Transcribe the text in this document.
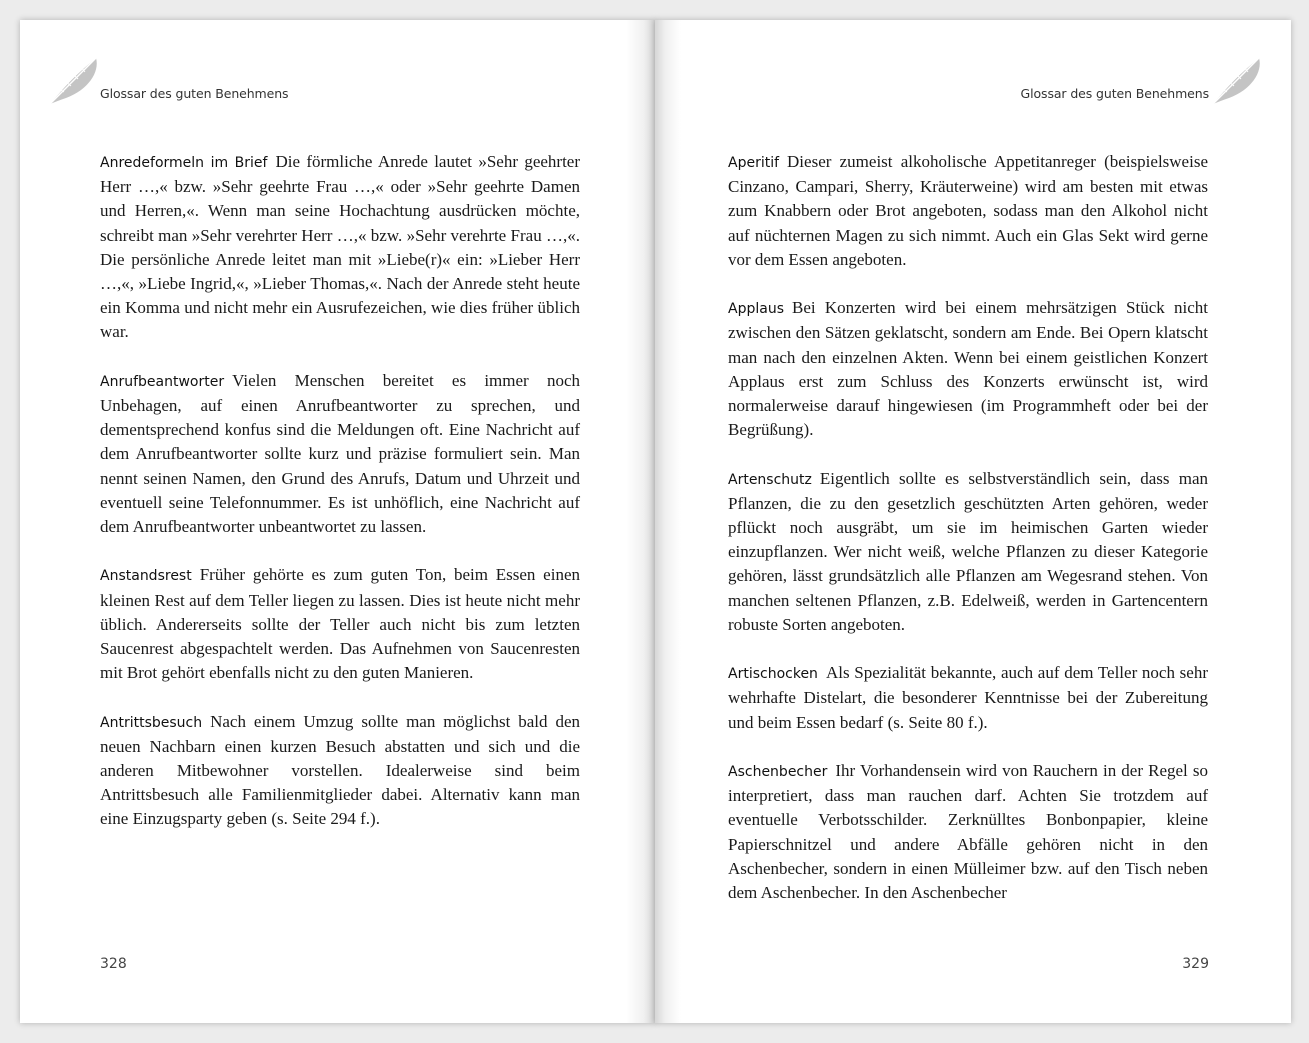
Glossar des guten Benehmens

Anredeformeln im Brief Die förmliche Anrede lautet »Sehr geehrter Herr …,« bzw. »Sehr geehrte Frau …,« oder »Sehr geehrte Damen und Herren,«. Wenn man seine Hochachtung ausdrücken möchte, schreibt man »Sehr verehrter Herr …,« bzw. »Sehr verehrte Frau …,«. Die persönliche Anrede leitet man mit »Liebe(r)« ein: »Lieber Herr …,«, »Liebe Ingrid,«, »Lieber Thomas,«. Nach der Anrede steht heute ein Komma und nicht mehr ein Ausrufezeichen, wie dies früher üblich war.

Anrufbeantworter Vielen Menschen bereitet es immer noch Unbehagen, auf einen Anrufbeantworter zu sprechen, und dementsprechend konfus sind die Meldungen oft. Eine Nachricht auf dem Anrufbeantworter sollte kurz und präzise formuliert sein. Man nennt seinen Namen, den Grund des Anrufs, Datum und Uhrzeit und eventuell seine Telefonnummer. Es ist unhöflich, eine Nachricht auf dem Anrufbeantworter unbeantwortet zu lassen.

Anstandsrest Früher gehörte es zum guten Ton, beim Essen einen kleinen Rest auf dem Teller liegen zu lassen. Dies ist heute nicht mehr üblich. Andererseits sollte der Teller auch nicht bis zum letzten Saucenrest abgespachtelt werden. Das Aufnehmen von Saucenresten mit Brot gehört ebenfalls nicht zu den guten Manieren.

Antrittsbesuch Nach einem Umzug sollte man möglichst bald den neuen Nachbarn einen kurzen Besuch abstatten und sich und die anderen Mitbewohner vorstellen. Idealerweise sind beim Antrittsbesuch alle Familienmitglieder dabei. Alternativ kann man eine Einzugsparty geben (s. Seite 294 f.).

328
Glossar des guten Benehmens

Aperitif Dieser zumeist alkoholische Appetitanreger (beispielsweise Cinzano, Campari, Sherry, Kräuterweine) wird am besten mit etwas zum Knabbern oder Brot angeboten, sodass man den Alkohol nicht auf nüchternen Magen zu sich nimmt. Auch ein Glas Sekt wird gerne vor dem Essen angeboten.

Applaus Bei Konzerten wird bei einem mehrsätzigen Stück nicht zwischen den Sätzen geklatscht, sondern am Ende. Bei Opern klatscht man nach den einzelnen Akten. Wenn bei einem geistlichen Konzert Applaus erst zum Schluss des Konzerts erwünscht ist, wird normalerweise darauf hingewiesen (im Programmheft oder bei der Begrüßung).

Artenschutz Eigentlich sollte es selbstverständlich sein, dass man Pflanzen, die zu den gesetzlich geschützten Arten gehören, weder pflückt noch ausgräbt, um sie im heimischen Garten wieder einzupflanzen. Wer nicht weiß, welche Pflanzen zu dieser Kategorie gehören, lässt grundsätzlich alle Pflanzen am Wegesrand stehen. Von manchen seltenen Pflanzen, z.B. Edelweiß, werden in Gartencentern robuste Sorten angeboten.

Artischocken Als Spezialität bekannte, auch auf dem Teller noch sehr wehrhafte Distelart, die besonderer Kenntnisse bei der Zubereitung und beim Essen bedarf (s. Seite 80 f.).

Aschenbecher Ihr Vorhandensein wird von Rauchern in der Regel so interpretiert, dass man rauchen darf. Achten Sie trotzdem auf eventuelle Verbotsschilder. Zerknülltes Bonbonpapier, kleine Papierschnitzel und andere Abfälle gehören nicht in den Aschenbecher, sondern in einen Mülleimer bzw. auf den Tisch neben dem Aschenbecher. In den Aschenbecher

329
